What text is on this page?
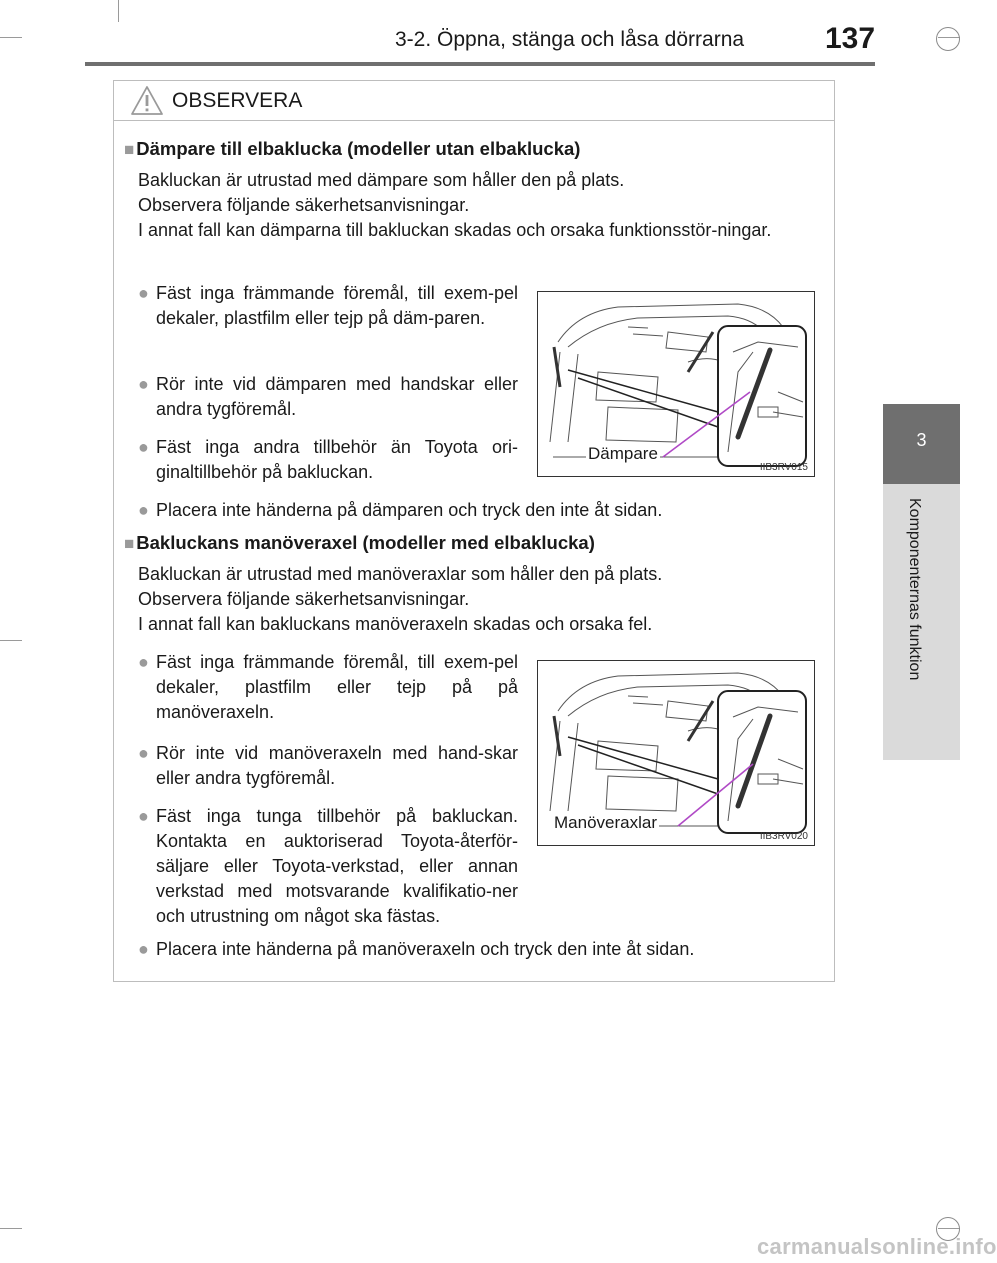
3-2. Öppna, stänga och låsa dörrarna	137
3
Komponenternas funktion
OBSERVERA
■ Dämpare till elbaklucka (modeller utan elbaklucka)
Bakluckan är utrustad med dämpare som håller den på plats.
Observera följande säkerhetsanvisningar.
I annat fall kan dämparna till bakluckan skadas och orsaka funktionsstör-ningar.
● Fäst inga främmande föremål, till exem-pel dekaler, plastfilm eller tejp på däm-paren.
● Rör inte vid dämparen med handskar eller andra tygföremål.
● Fäst inga andra tillbehör än Toyota ori-ginaltillbehör på bakluckan.
Dämpare
IIB3RV015
● Placera inte händerna på dämparen och tryck den inte åt sidan.
■ Bakluckans manöveraxel (modeller med elbaklucka)
Bakluckan är utrustad med manöveraxlar som håller den på plats.
Observera följande säkerhetsanvisningar.
I annat fall kan bakluckans manöveraxeln skadas och orsaka fel.
● Fäst inga främmande föremål, till exem-pel dekaler, plastfilm eller tejp på på manöveraxeln.
● Rör inte vid manöveraxeln med hand-skar eller andra tygföremål.
● Fäst inga tunga tillbehör på bakluckan. Kontakta en auktoriserad Toyota-återför-säljare eller Toyota-verkstad, eller annan verkstad med motsvarande kvalifikatio-ner och utrustning om något ska fästas.
Manöveraxlar
IIB3RV020
● Placera inte händerna på manöveraxeln och tryck den inte åt sidan.
carmanualsonline.info
